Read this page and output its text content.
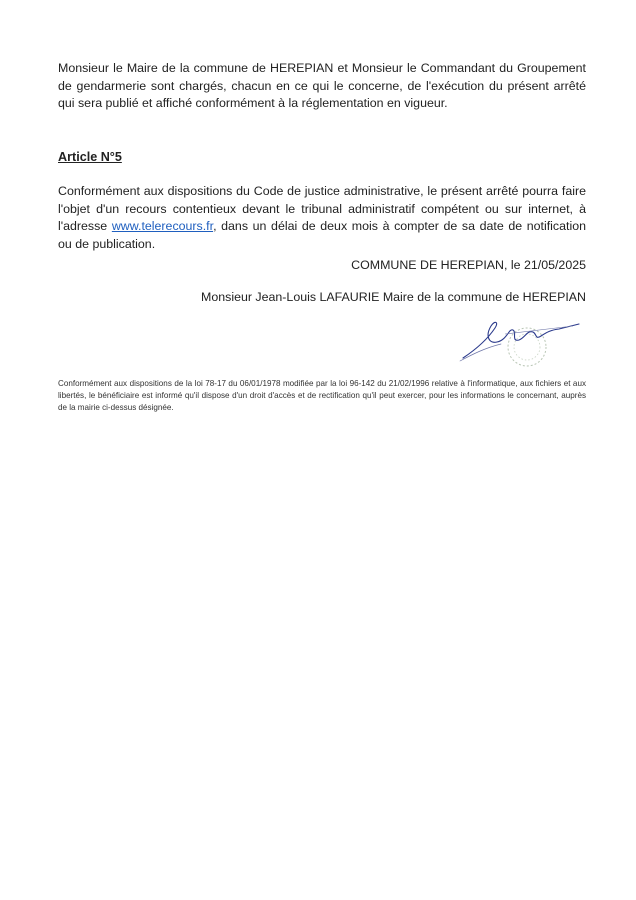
Monsieur le Maire de la commune de HEREPIAN et Monsieur le Commandant du Groupement de gendarmerie sont chargés, chacun en ce qui le concerne, de l'exécution du présent arrêté qui sera publié et affiché conformément à la réglementation en vigueur.

Article N°5

Conformément aux dispositions du Code de justice administrative, le présent arrêté pourra faire l'objet d'un recours contentieux devant le tribunal administratif compétent ou sur internet, à l'adresse www.telerecours.fr, dans un délai de deux mois à compter de sa date de notification ou de publication.

COMMUNE DE HEREPIAN, le 21/05/2025

Monsieur Jean-Louis LAFAURIE Maire de la commune de HEREPIAN

Conformément aux dispositions de la loi 78-17 du 06/01/1978 modifiée par la loi 96-142 du 21/02/1996 relative à l'informatique, aux fichiers et aux libertés, le bénéficiaire est informé qu'il dispose d'un droit d'accès et de rectification qu'il peut exercer, pour les informations le concernant, auprès de la mairie ci-dessus désignée.
